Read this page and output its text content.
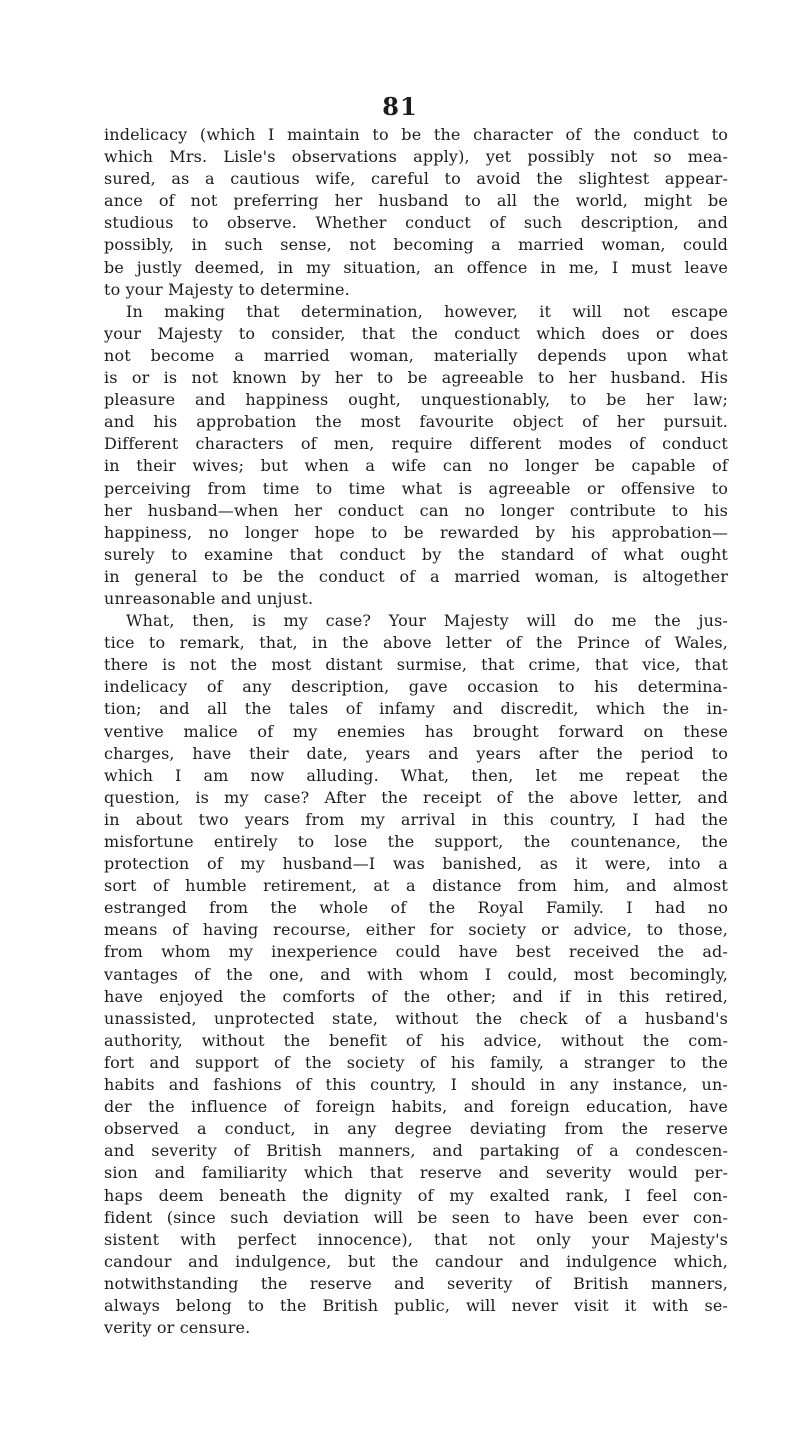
81
indelicacy (which I maintain to be the character of the conduct to
which Mrs. Lisle's observations apply), yet possibly not so mea-
sured, as a cautious wife, careful to avoid the slightest appear-
ance of not preferring her husband to all the world, might be
studious to observe. Whether conduct of such description, and
possibly, in such sense, not becoming a married woman, could
be justly deemed, in my situation, an offence in me, I must leave
to your Majesty to determine.
In making that determination, however, it will not escape
your Majesty to consider, that the conduct which does or does
not become a married woman, materially depends upon what
is or is not known by her to be agreeable to her husband. His
pleasure and happiness ought, unquestionably, to be her law;
and his approbation the most favourite object of her pursuit.
Different characters of men, require different modes of conduct
in their wives; but when a wife can no longer be capable of
perceiving from time to time what is agreeable or offensive to
her husband—when her conduct can no longer contribute to his
happiness, no longer hope to be rewarded by his approbation—
surely to examine that conduct by the standard of what ought
in general to be the conduct of a married woman, is altogether
unreasonable and unjust.
What, then, is my case? Your Majesty will do me the jus-
tice to remark, that, in the above letter of the Prince of Wales,
there is not the most distant surmise, that crime, that vice, that
indelicacy of any description, gave occasion to his determina-
tion; and all the tales of infamy and discredit, which the in-
ventive malice of my enemies has brought forward on these
charges, have their date, years and years after the period to
which I am now alluding. What, then, let me repeat the
question, is my case? After the receipt of the above letter, and
in about two years from my arrival in this country, I had the
misfortune entirely to lose the support, the countenance, the
protection of my husband—I was banished, as it were, into a
sort of humble retirement, at a distance from him, and almost
estranged from the whole of the Royal Family. I had no
means of having recourse, either for society or advice, to those,
from whom my inexperience could have best received the ad-
vantages of the one, and with whom I could, most becomingly,
have enjoyed the comforts of the other; and if in this retired,
unassisted, unprotected state, without the check of a husband's
authority, without the benefit of his advice, without the com-
fort and support of the society of his family, a stranger to the
habits and fashions of this country, I should in any instance, un-
der the influence of foreign habits, and foreign education, have
observed a conduct, in any degree deviating from the reserve
and severity of British manners, and partaking of a condescen-
sion and familiarity which that reserve and severity would per-
haps deem beneath the dignity of my exalted rank, I feel con-
fident (since such deviation will be seen to have been ever con-
sistent with perfect innocence), that not only your Majesty's
candour and indulgence, but the candour and indulgence which,
notwithstanding the reserve and severity of British manners,
always belong to the British public, will never visit it with se-
verity or censure.
